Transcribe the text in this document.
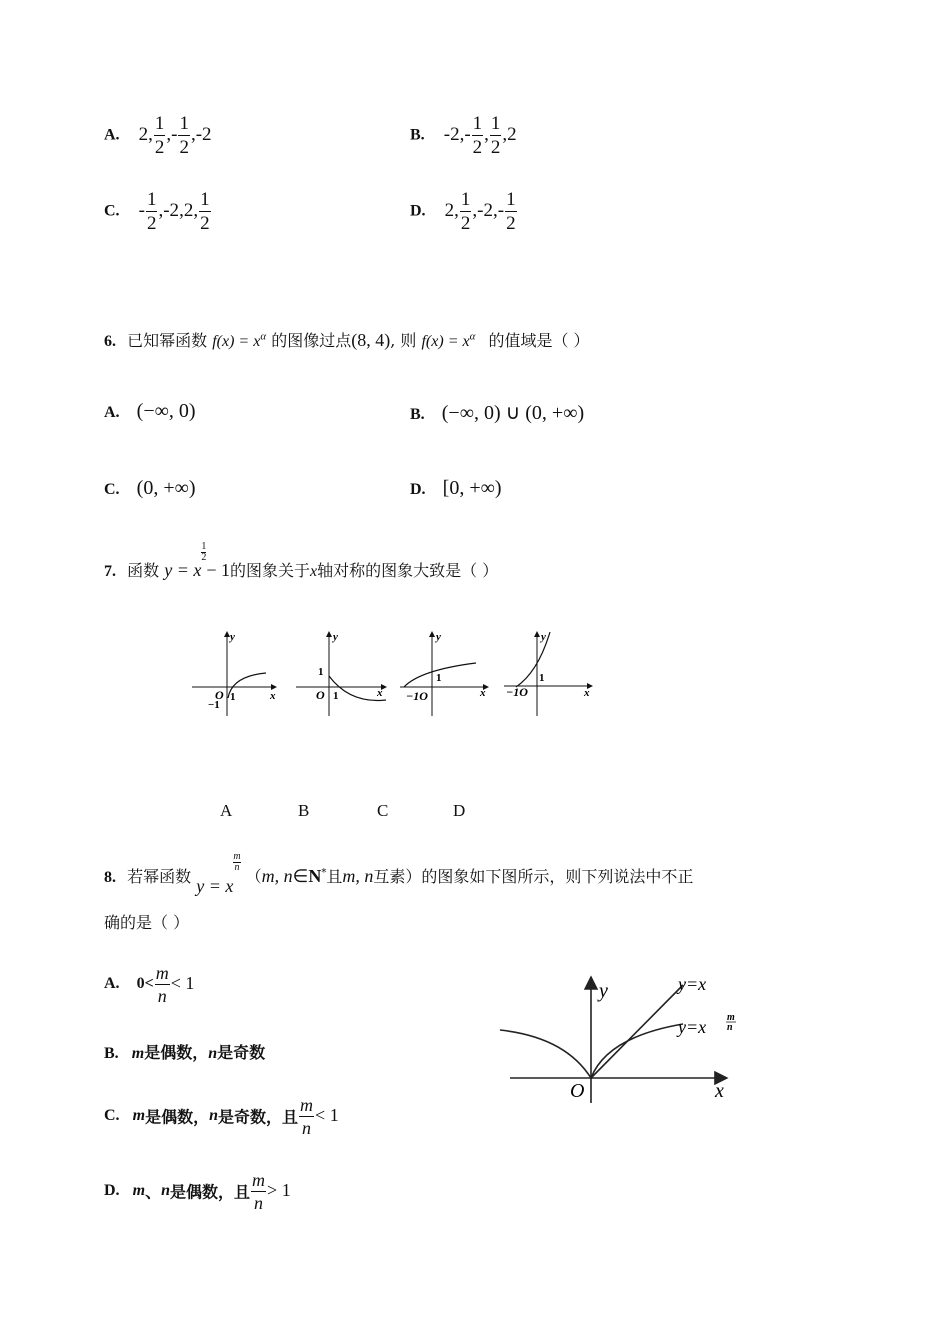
A. 2, $\frac{1}{2}$ ,- $\frac{1}{2} ,-2$	B. $-2,- \frac{1}{2}$ , $\frac{1}{2} ,2$
C. - $\frac{1}{2} ,-2,2$, $\frac{1}{2}$	D. 2, $\frac{1}{2} ,-2,- \frac{1}{2}$
6. 已知幂函数 $f(x) = x^\alpha$ 的图像过点(8, 4), 则 $f(x) = x^\alpha$ 的值域是（ ）
A. (−∞, 0)	B. (−∞, 0) ∪ (0, +∞)
C. (0, +∞)	D. [0, +∞)
7. 函数 y = x
$\frac{1}{2}$
− 1的图象关于x轴对称的图象大致是（ ）
y
x
O 1
−1
y
x
O
1
1
y
x
−1O
1
y
x
−1O
1
A	B	C	D
8. 若幂函数 y = x
$\frac{m}{n}$
（m, n∈N*且m, n互素）的图象如下图所示，则下列说法中不正
确的是（ ）
A. $0< \frac{m}{n} < 1$
B. m是偶数，n是奇数
C. m是偶数，n是奇数，且 $\frac{m}{n} < 1$
D. m、n是偶数，且 $\frac{m}{n} > 1$
y
x
O
y=x
y=x m
n
